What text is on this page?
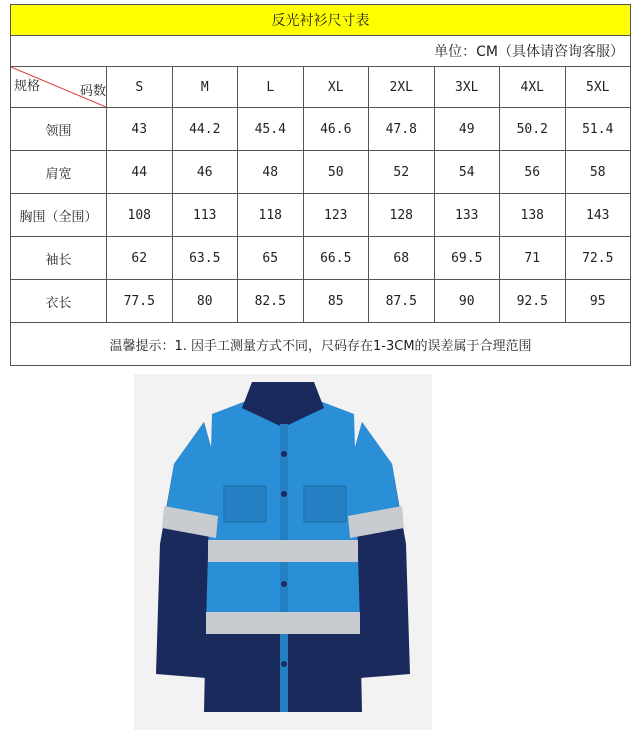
反光衬衫尺寸表								
单位：CM（具体请咨询客服）								

规格 码数	S	M	L	XL	2XL	3XL	4XL	5XL
领围	43	44.2	45.4	46.6	47.8	49	50.2	51.4
肩宽	44	46	48	50	52	54	56	58
胸围（全围）	108	113	118	123	128	133	138	143
袖长	62	63.5	65	66.5	68	69.5	71	72.5
衣长	77.5	80	82.5	85	87.5	90	92.5	95
温馨提示：1. 因手工测量方式不同，尺码存在1-3CM的误差属于合理范围								
